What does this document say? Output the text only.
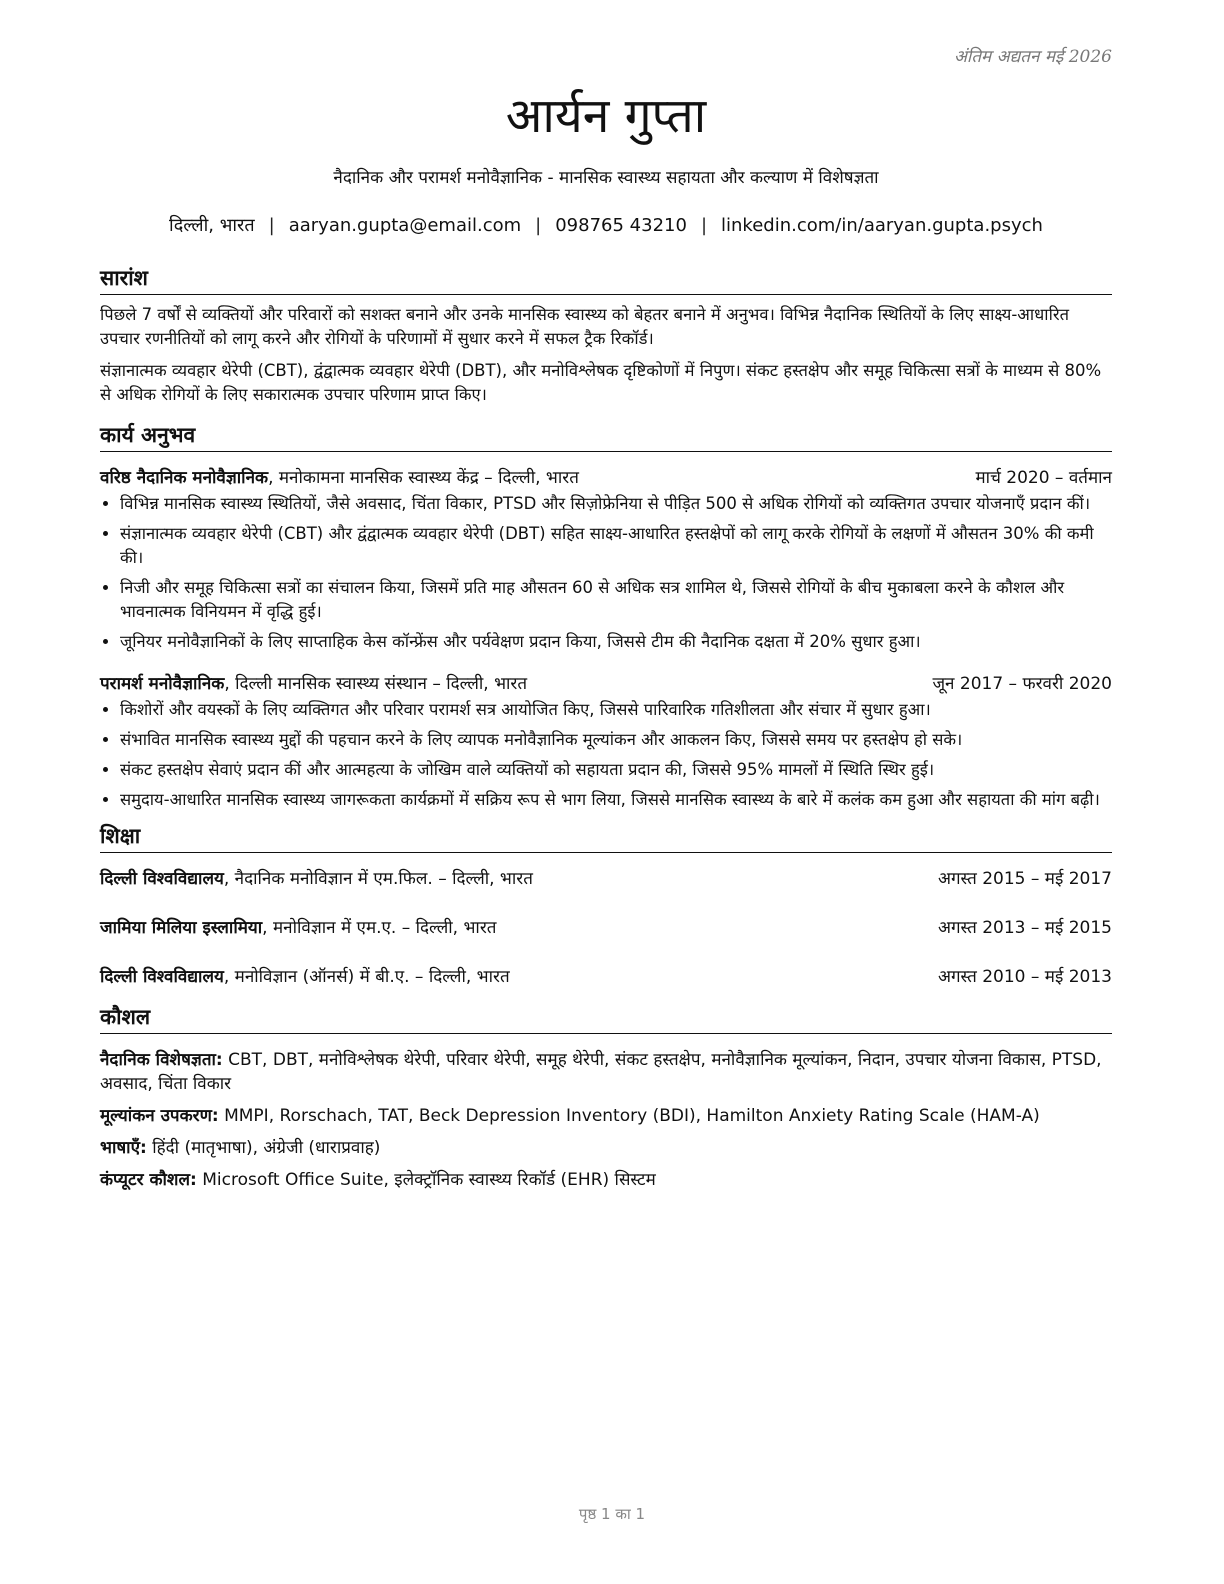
अंतिम अद्यतन मई 2026
आर्यन गुप्ता
नैदानिक और परामर्श मनोवैज्ञानिक - मानसिक स्वास्थ्य सहायता और कल्याण में विशेषज्ञता
दिल्ली, भारत | aaryan.gupta@email.com | 098765 43210 | linkedin.com/in/aaryan.gupta.psych
सारांश

पिछले 7 वर्षों से व्यक्तियों और परिवारों को सशक्त बनाने और उनके मानसिक स्वास्थ्य को बेहतर बनाने में अनुभव। विभिन्न नैदानिक स्थितियों के लिए साक्ष्य-आधारित उपचार रणनीतियों को लागू करने और रोगियों के परिणामों में सुधार करने में सफल ट्रैक रिकॉर्ड।

संज्ञानात्मक व्यवहार थेरेपी (CBT), द्वंद्वात्मक व्यवहार थेरेपी (DBT), और मनोविश्लेषक दृष्टिकोणों में निपुण। संकट हस्तक्षेप और समूह चिकित्सा सत्रों के माध्यम से 80% से अधिक रोगियों के लिए सकारात्मक उपचार परिणाम प्राप्त किए।

कार्य अनुभव
वरिष्ठ नैदानिक मनोवैज्ञानिक, मनोकामना मानसिक स्वास्थ्य केंद्र – दिल्ली, भारत	मार्च 2020 – वर्तमान
• विभिन्न मानसिक स्वास्थ्य स्थितियों, जैसे अवसाद, चिंता विकार, PTSD और सिज़ोफ्रेनिया से पीड़ित 500 से अधिक रोगियों को व्यक्तिगत उपचार योजनाएँ प्रदान कीं।
• संज्ञानात्मक व्यवहार थेरेपी (CBT) और द्वंद्वात्मक व्यवहार थेरेपी (DBT) सहित साक्ष्य-आधारित हस्तक्षेपों को लागू करके रोगियों के लक्षणों में औसतन 30% की कमी की।
• निजी और समूह चिकित्सा सत्रों का संचालन किया, जिसमें प्रति माह औसतन 60 से अधिक सत्र शामिल थे, जिससे रोगियों के बीच मुकाबला करने के कौशल और भावनात्मक विनियमन में वृद्धि हुई।
• जूनियर मनोवैज्ञानिकों के लिए साप्ताहिक केस कॉन्फ्रेंस और पर्यवेक्षण प्रदान किया, जिससे टीम की नैदानिक दक्षता में 20% सुधार हुआ।
परामर्श मनोवैज्ञानिक, दिल्ली मानसिक स्वास्थ्य संस्थान – दिल्ली, भारत	जून 2017 – फरवरी 2020
• किशोरों और वयस्कों के लिए व्यक्तिगत और परिवार परामर्श सत्र आयोजित किए, जिससे पारिवारिक गतिशीलता और संचार में सुधार हुआ।
• संभावित मानसिक स्वास्थ्य मुद्दों की पहचान करने के लिए व्यापक मनोवैज्ञानिक मूल्यांकन और आकलन किए, जिससे समय पर हस्तक्षेप हो सके।
• संकट हस्तक्षेप सेवाएं प्रदान कीं और आत्महत्या के जोखिम वाले व्यक्तियों को सहायता प्रदान की, जिससे 95% मामलों में स्थिति स्थिर हुई।
• समुदाय-आधारित मानसिक स्वास्थ्य जागरूकता कार्यक्रमों में सक्रिय रूप से भाग लिया, जिससे मानसिक स्वास्थ्य के बारे में कलंक कम हुआ और सहायता की मांग बढ़ी।
शिक्षा
दिल्ली विश्वविद्यालय, नैदानिक मनोविज्ञान में एम.फिल. – दिल्ली, भारत	अगस्त 2015 – मई 2017
जामिया मिलिया इस्लामिया, मनोविज्ञान में एम.ए. – दिल्ली, भारत	अगस्त 2013 – मई 2015
दिल्ली विश्वविद्यालय, मनोविज्ञान (ऑनर्स) में बी.ए. – दिल्ली, भारत	अगस्त 2010 – मई 2013
कौशल
नैदानिक विशेषज्ञता: CBT, DBT, मनोविश्लेषक थेरेपी, परिवार थेरेपी, समूह थेरेपी, संकट हस्तक्षेप, मनोवैज्ञानिक मूल्यांकन, निदान, उपचार योजना विकास, PTSD, अवसाद, चिंता विकार
मूल्यांकन उपकरण: MMPI, Rorschach, TAT, Beck Depression Inventory (BDI), Hamilton Anxiety Rating Scale (HAM-A)
भाषाएँ: हिंदी (मातृभाषा), अंग्रेजी (धाराप्रवाह)
कंप्यूटर कौशल: Microsoft Office Suite, इलेक्ट्रॉनिक स्वास्थ्य रिकॉर्ड (EHR) सिस्टम
पृष्ठ 1 का 1
